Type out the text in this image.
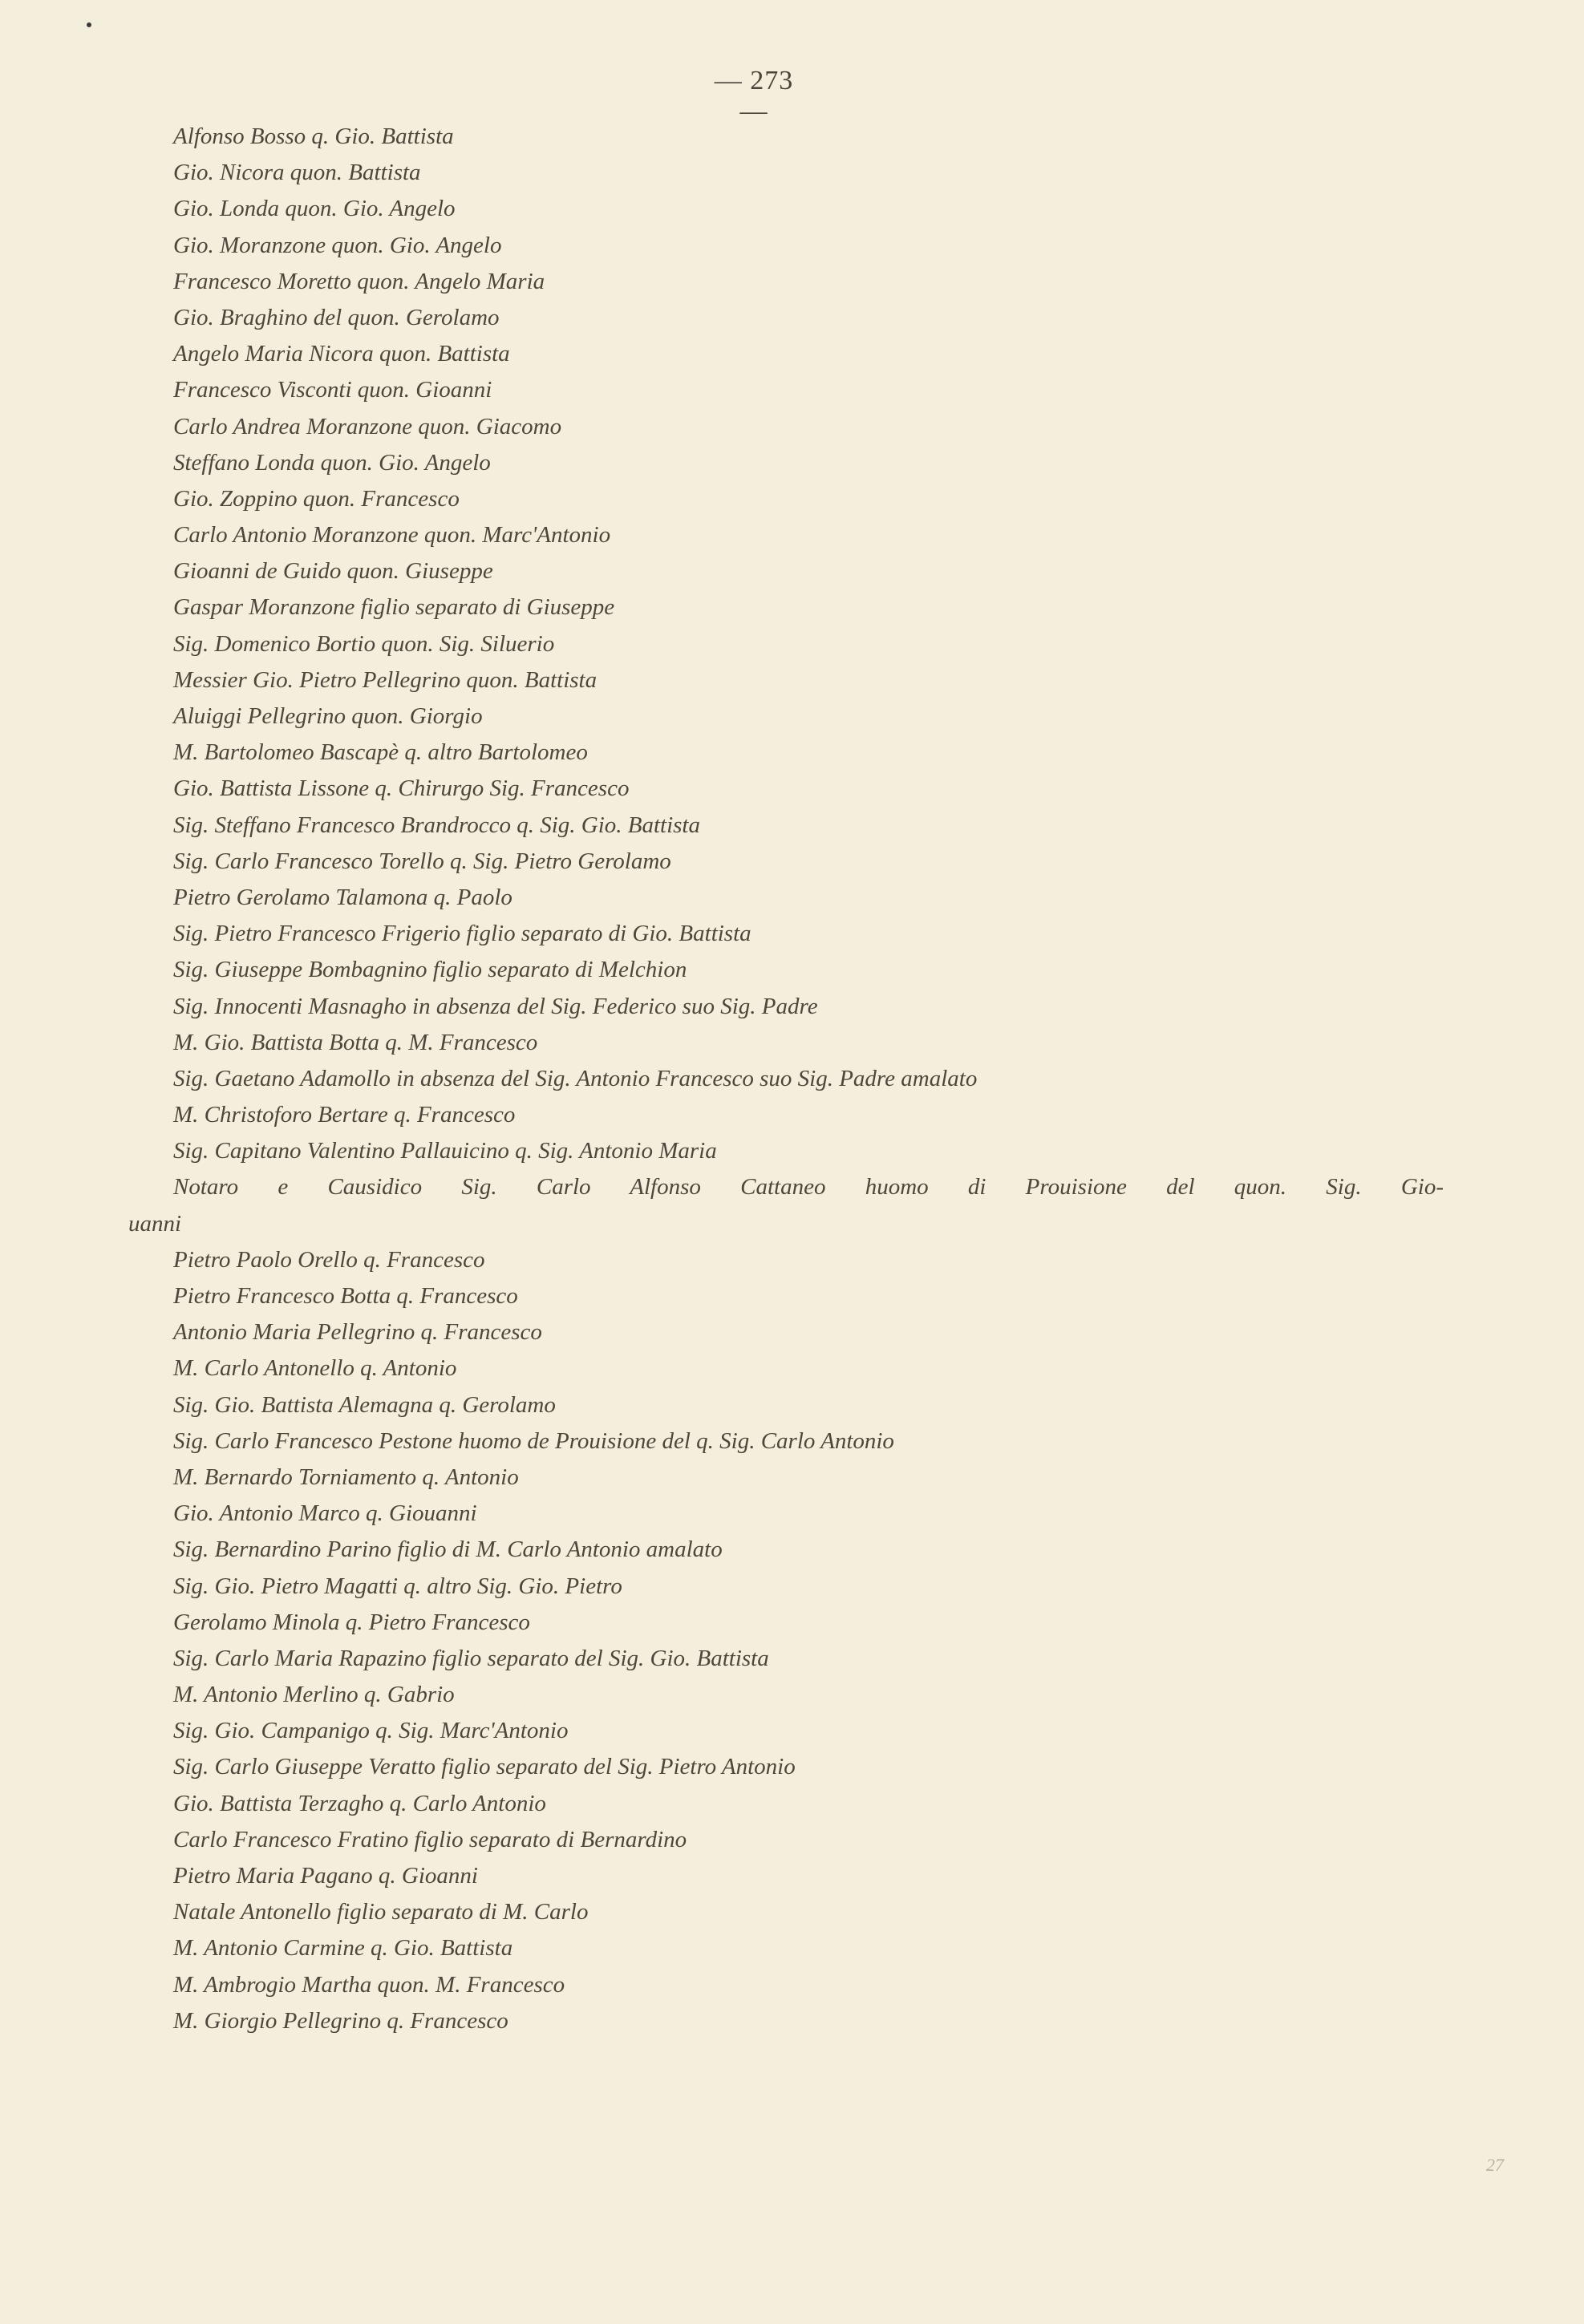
— 273 —
Alfonso Bosso q. Gio. Battista
Gio. Nicora quon. Battista
Gio. Londa quon. Gio. Angelo
Gio. Moranzone quon. Gio. Angelo
Francesco Moretto quon. Angelo Maria
Gio. Braghino del quon. Gerolamo
Angelo Maria Nicora quon. Battista
Francesco Visconti quon. Gioanni
Carlo Andrea Moranzone quon. Giacomo
Steffano Londa quon. Gio. Angelo
Gio. Zoppino quon. Francesco
Carlo Antonio Moranzone quon. Marc'Antonio
Gioanni de Guido quon. Giuseppe
Gaspar Moranzone figlio separato di Giuseppe
Sig. Domenico Bortio quon. Sig. Siluerio
Messier Gio. Pietro Pellegrino quon. Battista
Aluiggi Pellegrino quon. Giorgio
M. Bartolomeo Bascapè q. altro Bartolomeo
Gio. Battista Lissone q. Chirurgo Sig. Francesco
Sig. Steffano Francesco Brandrocco q. Sig. Gio. Battista
Sig. Carlo Francesco Torello q. Sig. Pietro Gerolamo
Pietro Gerolamo Talamona q. Paolo
Sig. Pietro Francesco Frigerio figlio separato di Gio. Battista
Sig. Giuseppe Bombagnino figlio separato di Melchion
Sig. Innocenti Masnagho in absenza del Sig. Federico suo Sig. Padre
M. Gio. Battista Botta q. M. Francesco
Sig. Gaetano Adamollo in absenza del Sig. Antonio Francesco suo Sig. Padre amalato
M. Christoforo Bertare q. Francesco
Sig. Capitano Valentino Pallauicino q. Sig. Antonio Maria
Notaro e Causidico Sig. Carlo Alfonso Cattaneo huomo di Prouisione del quon. Sig. Gio-
uanni
Pietro Paolo Orello q. Francesco
Pietro Francesco Botta q. Francesco
Antonio Maria Pellegrino q. Francesco
M. Carlo Antonello q. Antonio
Sig. Gio. Battista Alemagna q. Gerolamo
Sig. Carlo Francesco Pestone huomo de Prouisione del q. Sig. Carlo Antonio
M. Bernardo Torniamento q. Antonio
Gio. Antonio Marco q. Giouanni
Sig. Bernardino Parino figlio di M. Carlo Antonio amalato
Sig. Gio. Pietro Magatti q. altro Sig. Gio. Pietro
Gerolamo Minola q. Pietro Francesco
Sig. Carlo Maria Rapazino figlio separato del Sig. Gio. Battista
M. Antonio Merlino q. Gabrio
Sig. Gio. Campanigo q. Sig. Marc'Antonio
Sig. Carlo Giuseppe Veratto figlio separato del Sig. Pietro Antonio
Gio. Battista Terzagho q. Carlo Antonio
Carlo Francesco Fratino figlio separato di Bernardino
Pietro Maria Pagano q. Gioanni
Natale Antonello figlio separato di M. Carlo
M. Antonio Carmine q. Gio. Battista
M. Ambrogio Martha quon. M. Francesco
M. Giorgio Pellegrino q. Francesco
27
